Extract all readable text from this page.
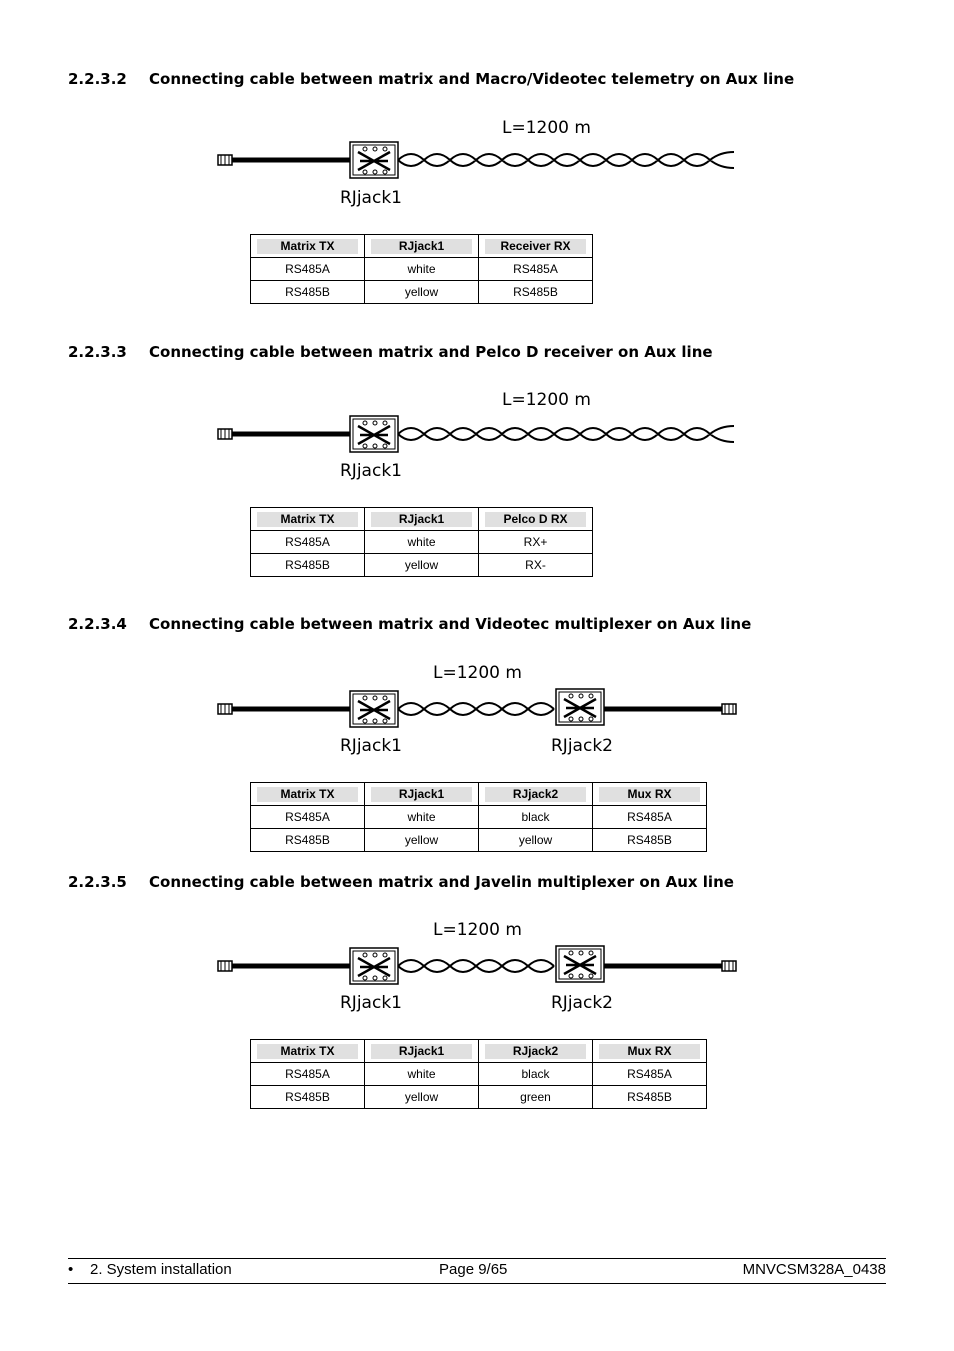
2.2.3.2 Connecting cable between matrix and Macro/Videotec telemetry on Aux line
L=1200 m
RJjack1
Matrix TX	RJjack1	Receiver RX

RS485A	white	RS485A
RS485B	yellow	RS485B
2.2.3.3 Connecting cable between matrix and Pelco D receiver on Aux line
L=1200 m
RJjack1
Matrix TX	RJjack1	Pelco D RX

RS485A	white	RX+
RS485B	yellow	RX-
2.2.3.4 Connecting cable between matrix and Videotec multiplexer on Aux line
L=1200 m
RJjack1	RJjack2
Matrix TX	RJjack1	RJjack2	Mux RX

RS485A	white	black	RS485A
RS485B	yellow	yellow	RS485B
2.2.3.5 Connecting cable between matrix and Javelin multiplexer on Aux line
L=1200 m
RJjack1	RJjack2
Matrix TX	RJjack1	RJjack2	Mux RX

RS485A	white	black	RS485A
RS485B	yellow	green	RS485B
• 2. System installation	Page 9/65	MNVCSM328A_0438
